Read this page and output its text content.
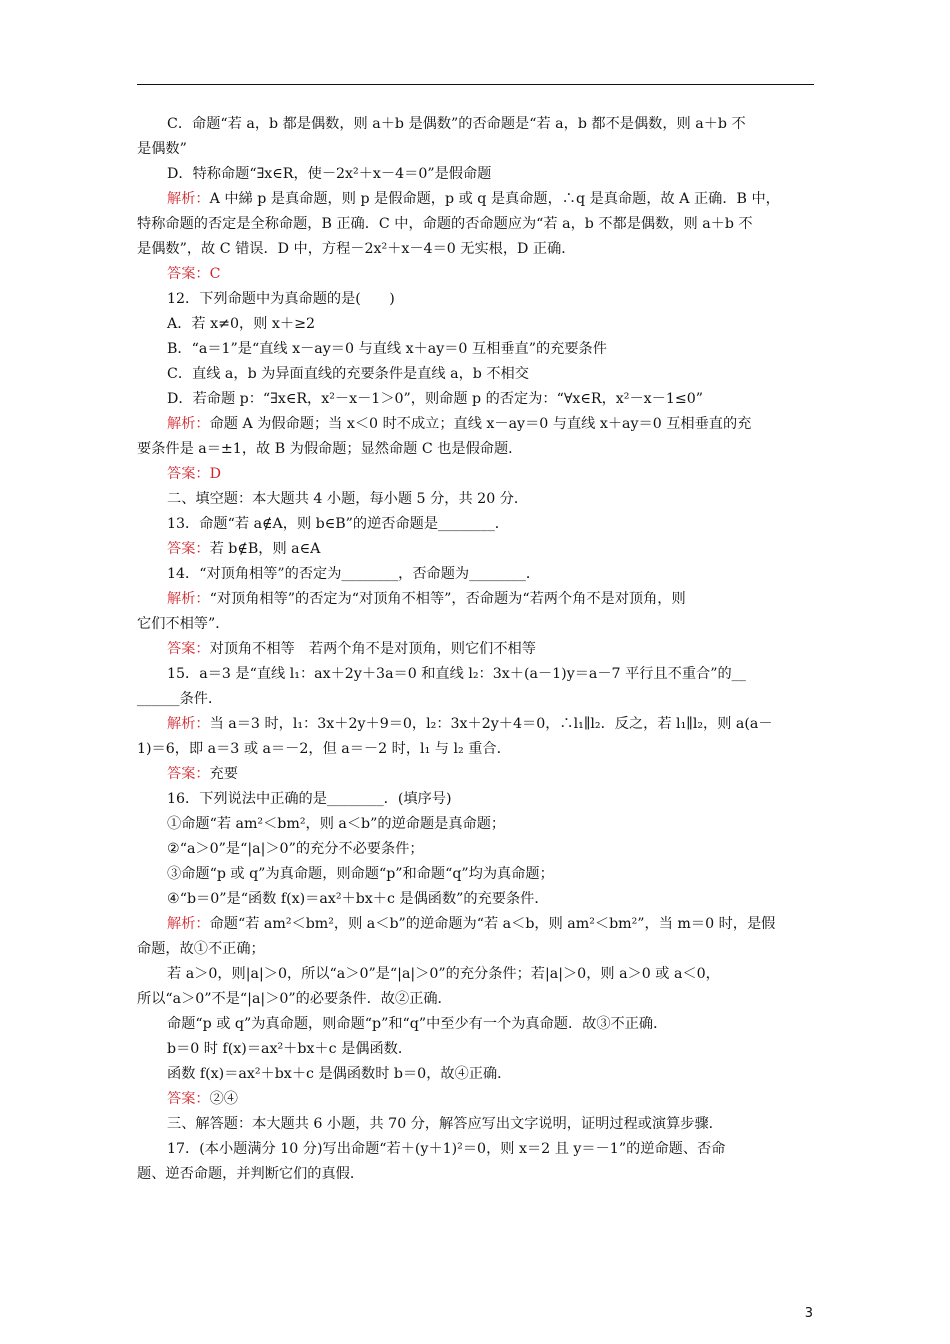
C．命题“若 a，b 都是偶数，则 a＋b 是偶数”的否命题是“若 a，b 都不是偶数，则 a＋b 不
是偶数”
D．特称命题“∃x∈R，使－2x²＋x－4＝0”是假命题
解析：A 中綈 p 是真命题，则 p 是假命题，p 或 q 是真命题，∴q 是真命题，故 A 正确．B 中，
特称命题的否定是全称命题，B 正确．C 中，命题的否命题应为“若 a，b 不都是偶数，则 a＋b 不
是偶数”，故 C 错误．D 中，方程－2x²＋x－4＝0 无实根，D 正确．
答案：C
12．下列命题中为真命题的是(　　)
A．若 x≠0，则 x＋≥2
B．“a＝1”是“直线 x－ay＝0 与直线 x＋ay＝0 互相垂直”的充要条件
C．直线 a，b 为异面直线的充要条件是直线 a，b 不相交
D．若命题 p：“∃x∈R，x²－x－1＞0”，则命题 p 的否定为：“∀x∈R，x²－x－1≤0”
解析：命题 A 为假命题；当 x＜0 时不成立；直线 x－ay＝0 与直线 x＋ay＝0 互相垂直的充
要条件是 a＝±1，故 B 为假命题；显然命题 C 也是假命题．
答案：D
二、填空题：本大题共 4 小题，每小题 5 分，共 20 分．
13．命题“若 a∉A，则 b∈B”的逆否命题是________．
答案：若 b∉B，则 a∈A
14．“对顶角相等”的否定为________，否命题为________．
解析：“对顶角相等”的否定为“对顶角不相等”，否命题为“若两个角不是对顶角，则
它们不相等”．
答案：对顶角不相等　若两个角不是对顶角，则它们不相等
15．a＝3 是“直线 l₁：ax＋2y＋3a＝0 和直线 l₂：3x＋(a－1)y＝a－7 平行且不重合”的__
______条件．
解析：当 a＝3 时，l₁：3x＋2y＋9＝0，l₂：3x＋2y＋4＝0，∴l₁∥l₂．反之，若 l₁∥l₂，则 a(a－
1)＝6，即 a＝3 或 a＝－2，但 a＝－2 时，l₁ 与 l₂ 重合．
答案：充要
16．下列说法中正确的是________．(填序号)
①命题“若 am²＜bm²，则 a＜b”的逆命题是真命题；
②“a＞0”是“|a|＞0”的充分不必要条件；
③命题“p 或 q”为真命题，则命题“p”和命题“q”均为真命题；
④“b＝0”是“函数 f(x)＝ax²＋bx＋c 是偶函数”的充要条件．
解析：命题“若 am²＜bm²，则 a＜b”的逆命题为“若 a＜b，则 am²＜bm²”，当 m＝0 时，是假
命题，故①不正确；
若 a＞0，则|a|＞0，所以“a＞0”是“|a|＞0”的充分条件；若|a|＞0，则 a＞0 或 a＜0，
所以“a＞0”不是“|a|＞0”的必要条件．故②正确．
命题“p 或 q”为真命题，则命题“p”和“q”中至少有一个为真命题．故③不正确．
b＝0 时 f(x)＝ax²＋bx＋c 是偶函数．
函数 f(x)＝ax²＋bx＋c 是偶函数时 b＝0，故④正确．
答案：②④
三、解答题：本大题共 6 小题，共 70 分，解答应写出文字说明，证明过程或演算步骤．
17．(本小题满分 10 分)写出命题“若＋(y＋1)²＝0，则 x＝2 且 y＝－1”的逆命题、否命
题、逆否命题，并判断它们的真假．
3
